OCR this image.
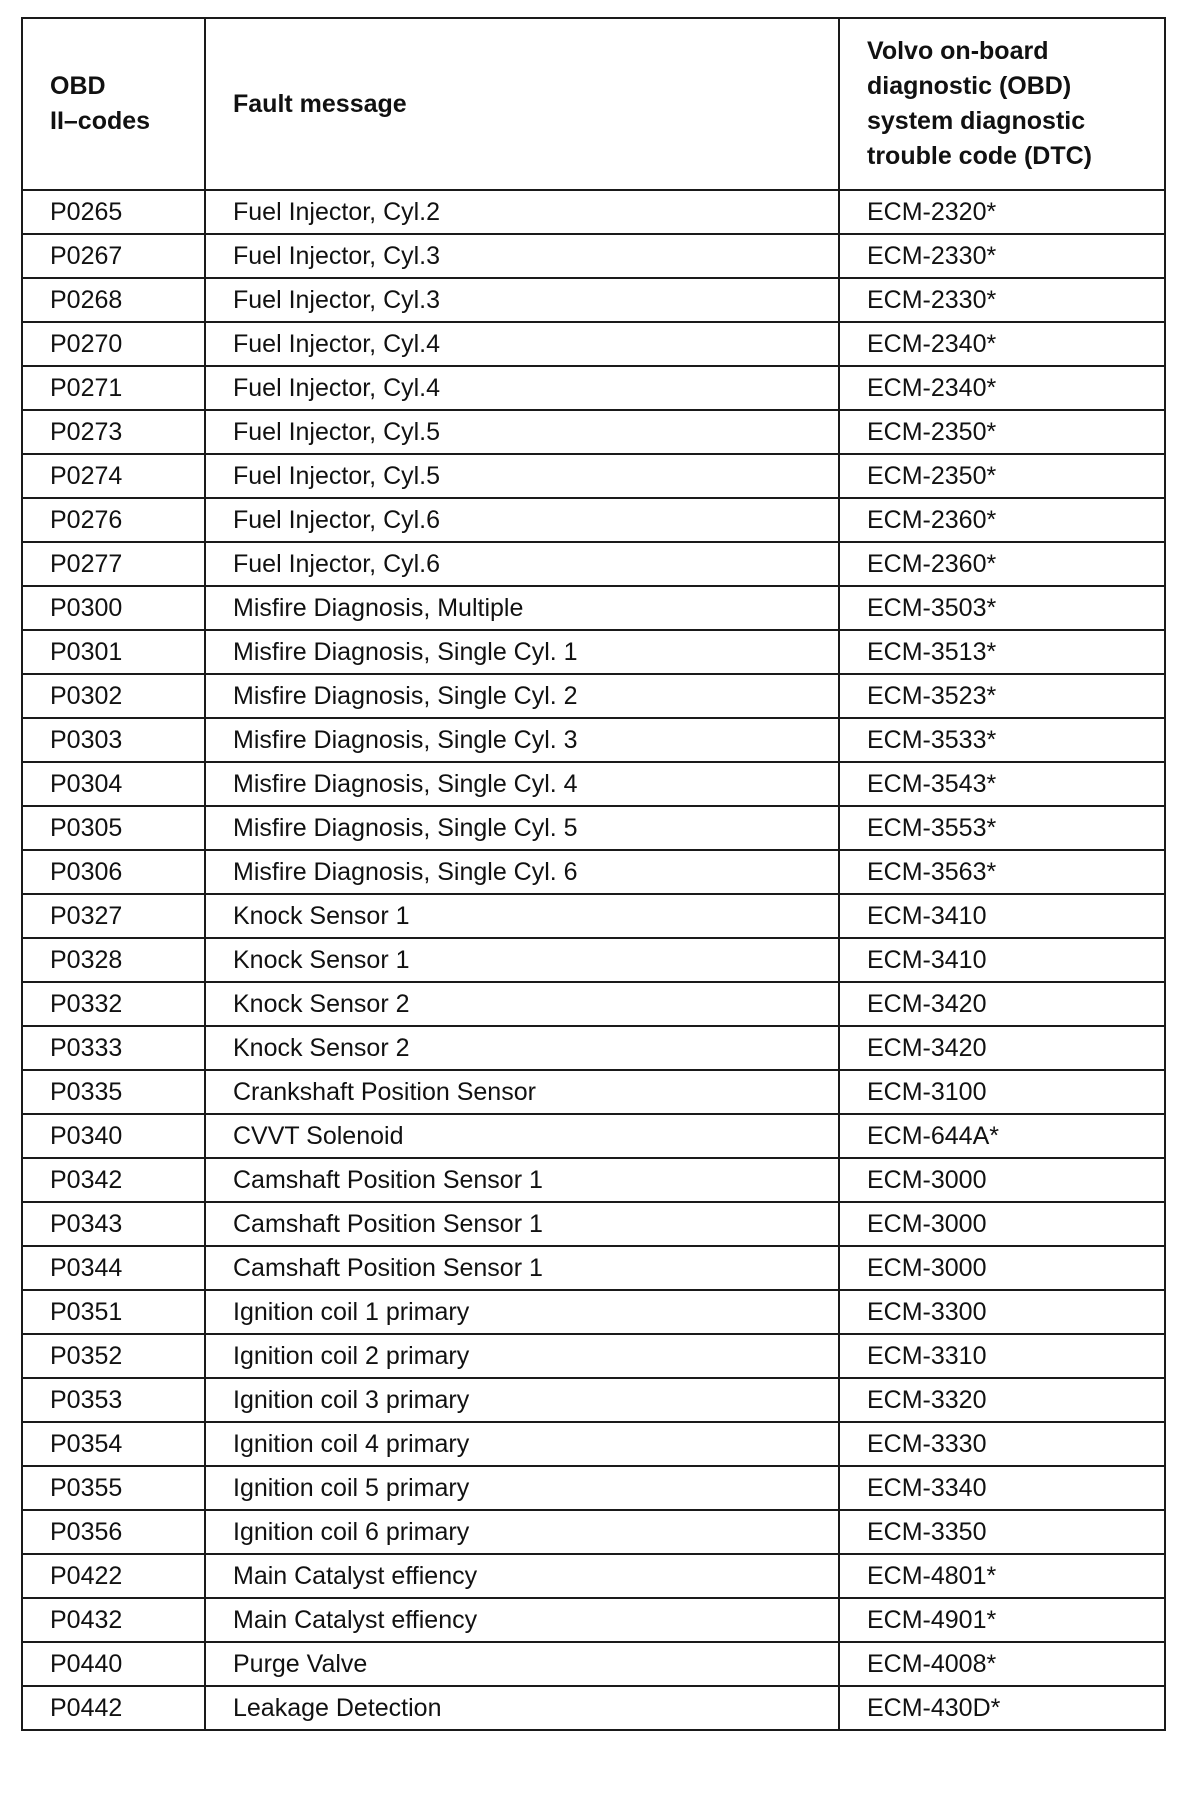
OBD
II–codes	Fault message	Volvo on-board
diagnostic (OBD)
system diagnostic
trouble code (DTC)

P0265	Fuel Injector, Cyl.2	ECM-2320*
P0267	Fuel Injector, Cyl.3	ECM-2330*
P0268	Fuel Injector, Cyl.3	ECM-2330*
P0270	Fuel Injector, Cyl.4	ECM-2340*
P0271	Fuel Injector, Cyl.4	ECM-2340*
P0273	Fuel Injector, Cyl.5	ECM-2350*
P0274	Fuel Injector, Cyl.5	ECM-2350*
P0276	Fuel Injector, Cyl.6	ECM-2360*
P0277	Fuel Injector, Cyl.6	ECM-2360*
P0300	Misfire Diagnosis, Multiple	ECM-3503*
P0301	Misfire Diagnosis, Single Cyl. 1	ECM-3513*
P0302	Misfire Diagnosis, Single Cyl. 2	ECM-3523*
P0303	Misfire Diagnosis, Single Cyl. 3	ECM-3533*
P0304	Misfire Diagnosis, Single Cyl. 4	ECM-3543*
P0305	Misfire Diagnosis, Single Cyl. 5	ECM-3553*
P0306	Misfire Diagnosis, Single Cyl. 6	ECM-3563*
P0327	Knock Sensor 1	ECM-3410
P0328	Knock Sensor 1	ECM-3410
P0332	Knock Sensor 2	ECM-3420
P0333	Knock Sensor 2	ECM-3420
P0335	Crankshaft Position Sensor	ECM-3100
P0340	CVVT Solenoid	ECM-644A*
P0342	Camshaft Position Sensor 1	ECM-3000
P0343	Camshaft Position Sensor 1	ECM-3000
P0344	Camshaft Position Sensor 1	ECM-3000
P0351	Ignition coil 1 primary	ECM-3300
P0352	Ignition coil 2 primary	ECM-3310
P0353	Ignition coil 3 primary	ECM-3320
P0354	Ignition coil 4 primary	ECM-3330
P0355	Ignition coil 5 primary	ECM-3340
P0356	Ignition coil 6 primary	ECM-3350
P0422	Main Catalyst effiency	ECM-4801*
P0432	Main Catalyst effiency	ECM-4901*
P0440	Purge Valve	ECM-4008*
P0442	Leakage Detection	ECM-430D*
